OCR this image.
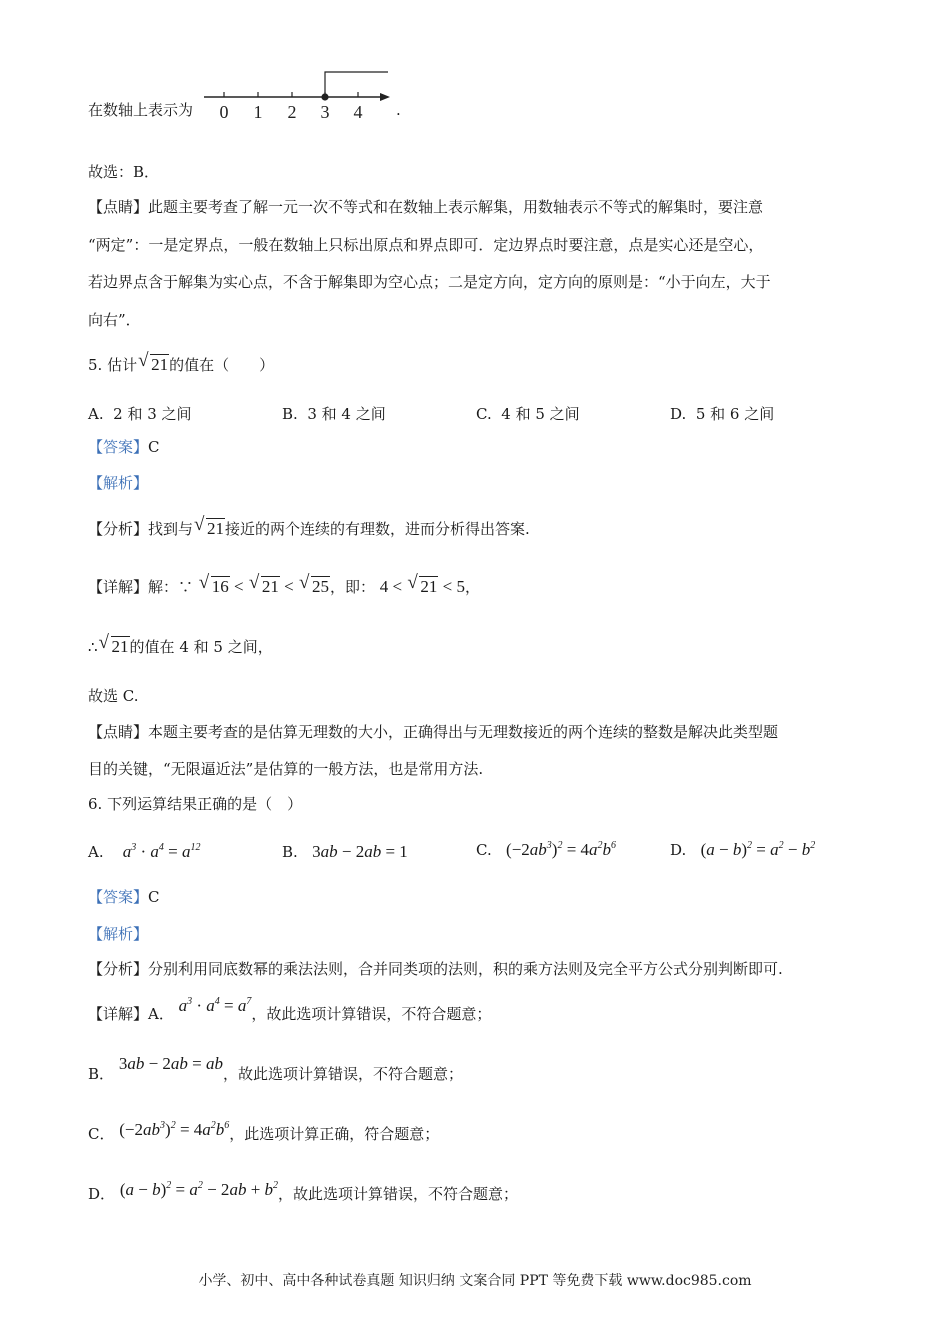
在数轴上表示为 0 1 2 3 4 .
故选：B．
【点睛】此题主要考查了解一元一次不等式和在数轴上表示解集，用数轴表示不等式的解集时，要注意
“两定”：一是定界点，一般在数轴上只标出原点和界点即可．定边界点时要注意，点是实心还是空心，
若边界点含于解集为实心点，不含于解集即为空心点；二是定方向，定方向的原则是：“小于向左，大于
向右”．
5. 估计 √ 21的值在（　　）
A. 2 和 3 之间	B. 3 和 4 之间	C. 4 和 5 之间	D. 5 和 6 之间
【答案】C
【解析】
【分析】找到与 √ 21接近的两个连续的有理数，进而分析得出答案.
【详解】解：∵ √ 16 < √ 21 < √ 25，即： 4 < √ 21 < 5，
∴ √ 21的值在 4 和 5 之间，
故选 C.
【点睛】本题主要考查的是估算无理数的大小，正确得出与无理数接近的两个连续的整数是解决此类型题
目的关键，“无限逼近法”是估算的一般方法，也是常用方法.
6. 下列运算结果正确的是（　）
A. $a^3 \cdot a^4 = a^{12}$	B. 3ab − 2ab = 1	C. $(-2ab^3)^2 = 4a^2b^6$	D. $(a - b)^2 = a^2 - b^2$
【答案】C
【解析】
【分析】分别利用同底数幂的乘法法则，合并同类项的法则，积的乘方法则及完全平方公式分别判断即可.
【详解】A． $a^3 \cdot a^4 = a^7$，故此选项计算错误，不符合题意；
B． 3ab − 2ab = ab，故此选项计算错误，不符合题意；
C． $(-2ab^3)^2 = 4a^2b^6$，此选项计算正确，符合题意；
D． $(a - b)^2 = a^2 - 2ab + b^2$，故此选项计算错误，不符合题意；
小学、初中、高中各种试卷真题 知识归纳 文案合同 PPT 等免费下载 www.doc985.com
